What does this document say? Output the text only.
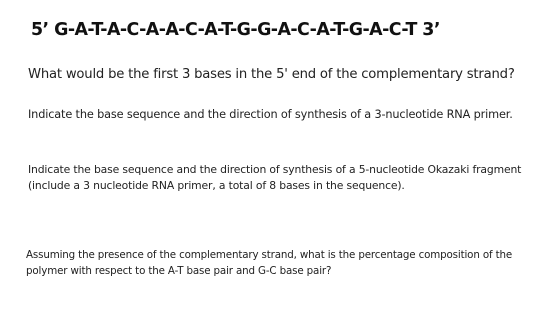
5’ G-A-T-A-C-A-A-C-A-T-G-G-A-C-A-T-G-A-C-T 3’

What would be the first 3 bases in the 5' end of the complementary strand?

Indicate the base sequence and the direction of synthesis of a 3-nucleotide RNA primer.

Indicate the base sequence and the direction of synthesis of a 5-nucleotide Okazaki fragment (include a 3 nucleotide RNA primer, a total of 8 bases in the sequence).

Assuming the presence of the complementary strand, what is the percentage composition of the polymer with respect to the A-T base pair and G-C base pair?
